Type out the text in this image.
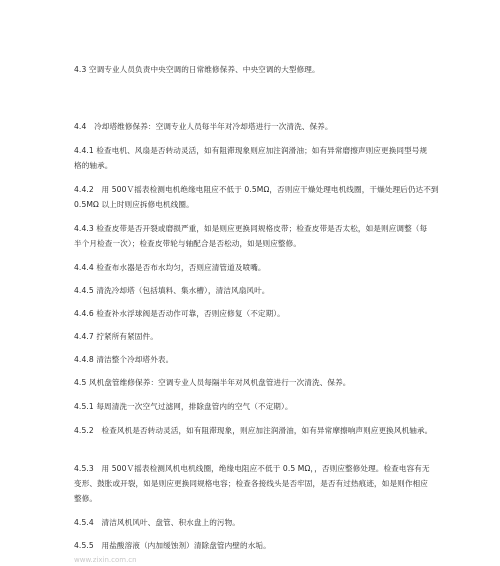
4.3 空调专业人员负责中央空调的日常维修保养、中央空调的大型修理。
4.4　冷却塔维修保养：空调专业人员每半年对冷却塔进行一次清洗、保养。
4.4.1 检查电机、风扇是否转动灵活，如有阻滞现象则应加注润滑油；如有异常磨擦声则应更换同型号规
格的轴承。
4.4.2　用 500Ｖ摇表检测电机绝缘电阻应不低于 0.5MΩ，否则应干燥处理电机线圈，干燥处理后仍达不到
0.5MΩ 以上时则应拆修电机线圈。
4.4.3 检查皮带是否开裂或磨损严重，如是则应更换同规格皮带；检查皮带是否太松，如是则应调整（每
半个月检查一次）；检查皮带轮与轴配合是否松动，如是则应整修。
4.4.4 检查布水器是否布水均匀，否则应清管道及喷嘴。
4.4.5 清洗冷却塔（包括填料、集水槽），清洁风扇风叶。
4.4.6 检查补水浮球阀是否动作可靠，否则应修复（不定期）。
4.4.7 拧紧所有紧固件。
4.4.8 清洁整个冷却塔外表。
4.5 风机盘管维修保养：空调专业人员每隔半年对风机盘管进行一次清洗、保养。
4.5.1 每周清洗一次空气过滤网，排除盘管内的空气（不定期）。
4.5.2　检查风机是否转动灵活，如有阻滞现象，则应加注润滑油，如有异常摩擦响声则应更换风机轴承。
4.5.3　用 500Ｖ摇表检测风机电机线圈，绝缘电阻应不低于 0.5 MΩ，，否则应整修处理。检查电容有无
变形、鼓胀或开裂，如是则应更换同规格电容；检查各接线头是否牢固，是否有过热痕迹，如是则作相应
整修。
4.5.4　清洁风机风叶、盘管、积水盘上的污物。
4.5.5　用盐酸溶液（内加缓蚀剂）清除盘管内壁的水垢。
www.zixin.com.cn
